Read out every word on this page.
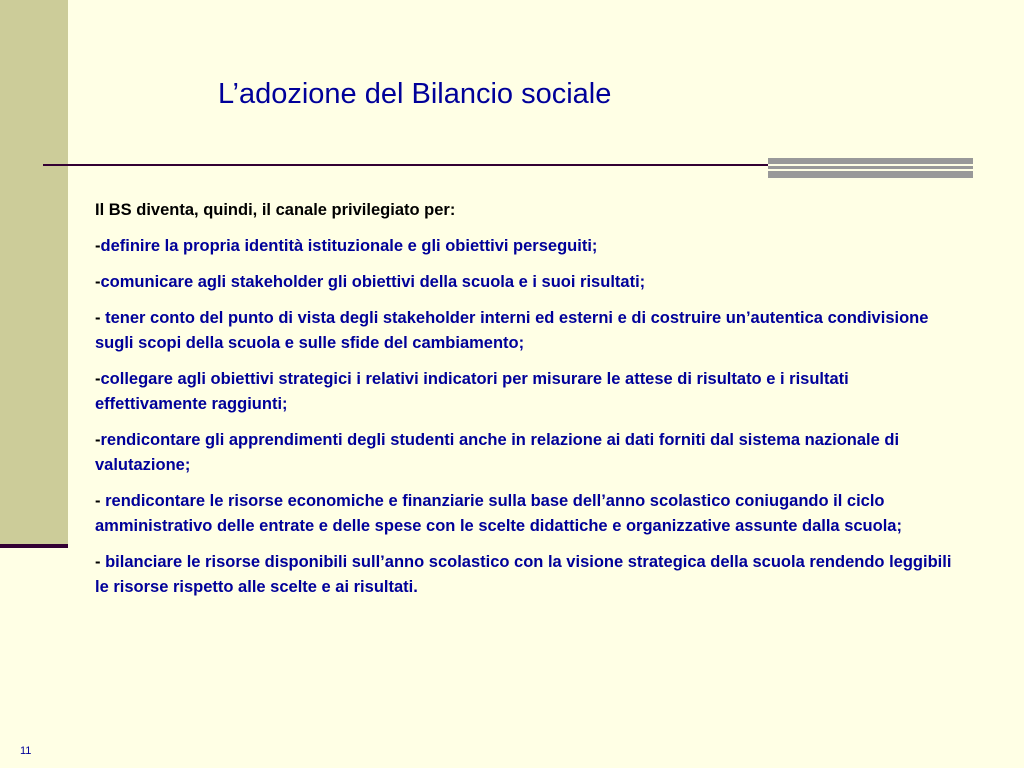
L’adozione del Bilancio sociale

Il BS diventa, quindi, il canale privilegiato per:

-definire la propria identità istituzionale e gli obiettivi perseguiti;

-comunicare agli stakeholder gli obiettivi della scuola e i suoi risultati;

- tener conto del punto di vista degli stakeholder interni ed esterni e di costruire un’autentica condivisione sugli scopi della scuola e sulle sfide del cambiamento;

-collegare agli obiettivi strategici i relativi indicatori per misurare le attese di risultato e i risultati effettivamente raggiunti;

-rendicontare gli apprendimenti degli studenti anche in relazione ai dati forniti dal sistema nazionale di valutazione;

- rendicontare le risorse economiche e finanziarie sulla base dell’anno scolastico coniugando il ciclo amministrativo delle entrate e delle spese con le scelte didattiche e organizzative assunte dalla scuola;

- bilanciare le risorse disponibili sull’anno scolastico con la visione strategica della scuola rendendo leggibili le risorse rispetto alle scelte e ai risultati.

11
